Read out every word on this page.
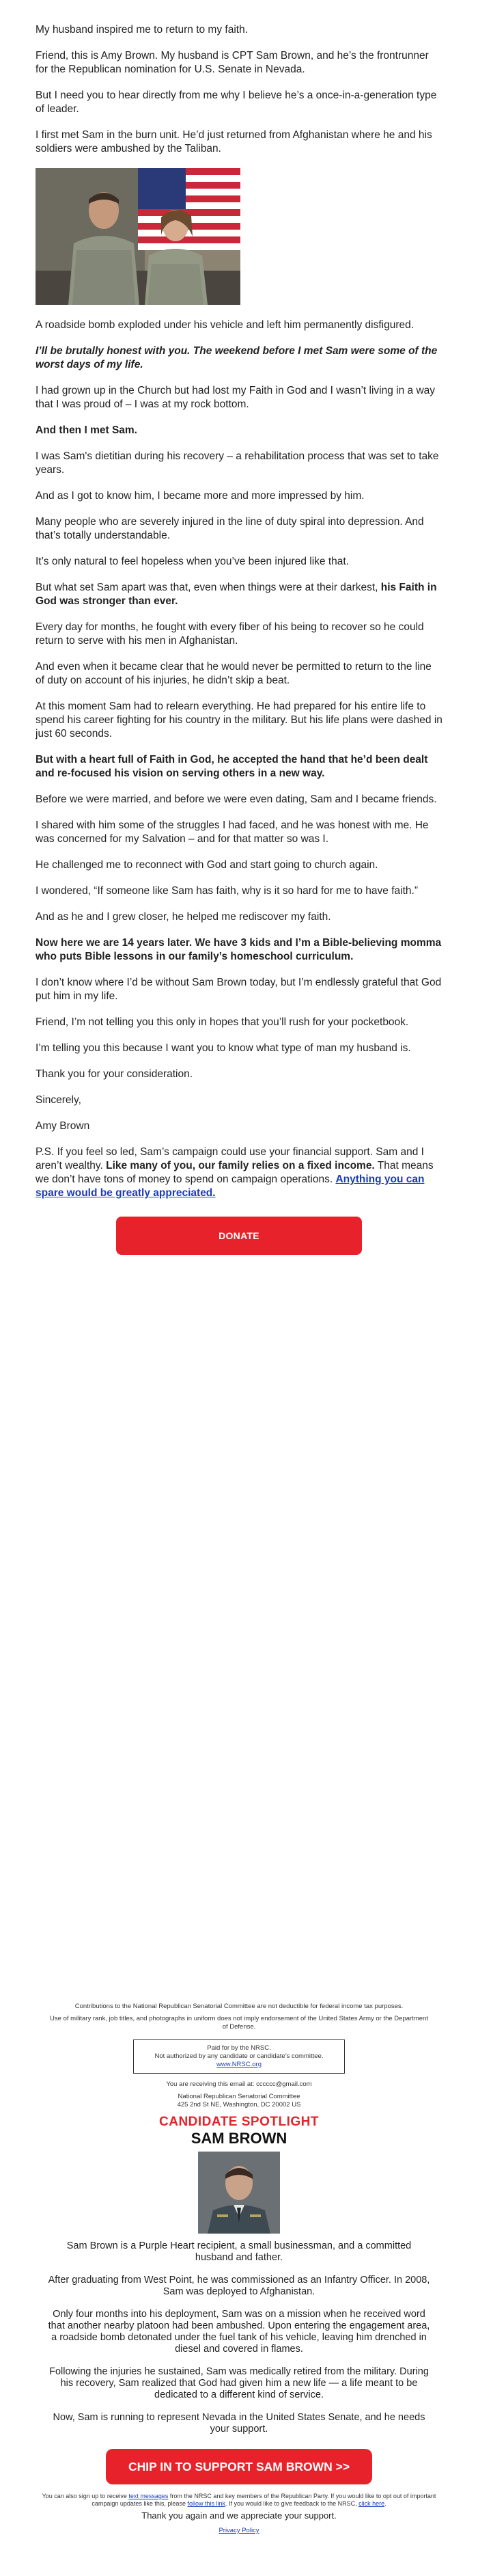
My husband inspired me to return to my faith.

Friend, this is Amy Brown. My husband is CPT Sam Brown, and he’s the frontrunner for the Republican nomination for U.S. Senate in Nevada.

But I need you to hear directly from me why I believe he’s a once-in-a-generation type of leader.

I first met Sam in the burn unit. He’d just returned from Afghanistan where he and his soldiers were ambushed by the Taliban.

A roadside bomb exploded under his vehicle and left him permanently disfigured.

I’ll be brutally honest with you. The weekend before I met Sam were some of the worst days of my life.

I had grown up in the Church but had lost my Faith in God and I wasn’t living in a way that I was proud of – I was at my rock bottom.

And then I met Sam.

I was Sam's dietitian during his recovery – a rehabilitation process that was set to take years.

And as I got to know him, I became more and more impressed by him.

Many people who are severely injured in the line of duty spiral into depression. And that’s totally understandable.

It’s only natural to feel hopeless when you’ve been injured like that.

But what set Sam apart was that, even when things were at their darkest, his Faith in God was stronger than ever.

Every day for months, he fought with every fiber of his being to recover so he could return to serve with his men in Afghanistan.

And even when it became clear that he would never be permitted to return to the line of duty on account of his injuries, he didn’t skip a beat.

At this moment Sam had to relearn everything. He had prepared for his entire life to spend his career fighting for his country in the military. But his life plans were dashed in just 60 seconds.

But with a heart full of Faith in God, he accepted the hand that he’d been dealt and re-focused his vision on serving others in a new way.

Before we were married, and before we were even dating, Sam and I became friends.

I shared with him some of the struggles I had faced, and he was honest with me. He was concerned for my Salvation – and for that matter so was I.

He challenged me to reconnect with God and start going to church again.

I wondered, “If someone like Sam has faith, why is it so hard for me to have faith.”

And as he and I grew closer, he helped me rediscover my faith.

Now here we are 14 years later. We have 3 kids and I’m a Bible-believing momma who puts Bible lessons in our family’s homeschool curriculum.

I don’t know where I’d be without Sam Brown today, but I’m endlessly grateful that God put him in my life.

Friend, I’m not telling you this only in hopes that you’ll rush for your pocketbook.

I’m telling you this because I want you to know what type of man my husband is.

Thank you for your consideration.

Sincerely,

Amy Brown

P.S. If you feel so led, Sam’s campaign could use your financial support. Sam and I aren’t wealthy. Like many of you, our family relies on a fixed income. That means we don’t have tons of money to spend on campaign operations. Anything you can spare would be greatly appreciated.

DONATE

Contributions to the National Republican Senatorial Committee are not deductible for federal income tax purposes.

Use of military rank, job titles, and photographs in uniform does not imply endorsement of the United States Army or the Department of Defense.

Paid for by the NRSC.
Not authorized by any candidate or candidate’s committee.
www.NRSC.org

You are receiving this email at: cccccc@gmail.com

National Republican Senatorial Committee

425 2nd St NE, Washington, DC 20002 US

CANDIDATE SPOTLIGHT
SAM BROWN

Sam Brown is a Purple Heart recipient, a small businessman, and a committed husband and father.

After graduating from West Point, he was commissioned as an Infantry Officer. In 2008, Sam was deployed to Afghanistan.

Only four months into his deployment, Sam was on a mission when he received word that another nearby platoon had been ambushed. Upon entering the engagement area, a roadside bomb detonated under the fuel tank of his vehicle, leaving him drenched in diesel and covered in flames.

Following the injuries he sustained, Sam was medically retired from the military. During his recovery, Sam realized that God had given him a new life — a life meant to be dedicated to a different kind of service.

Now, Sam is running to represent Nevada in the United States Senate, and he needs your support.

CHIP IN TO SUPPORT SAM BROWN >>
You can also sign up to receive text messages from the NRSC and key members of the Republican Party. If you would like to opt out of important campaign updates like this, please follow this link. If you would like to give feedback to the NRSC, click here.
Thank you again and we appreciate your support.
Privacy Policy
